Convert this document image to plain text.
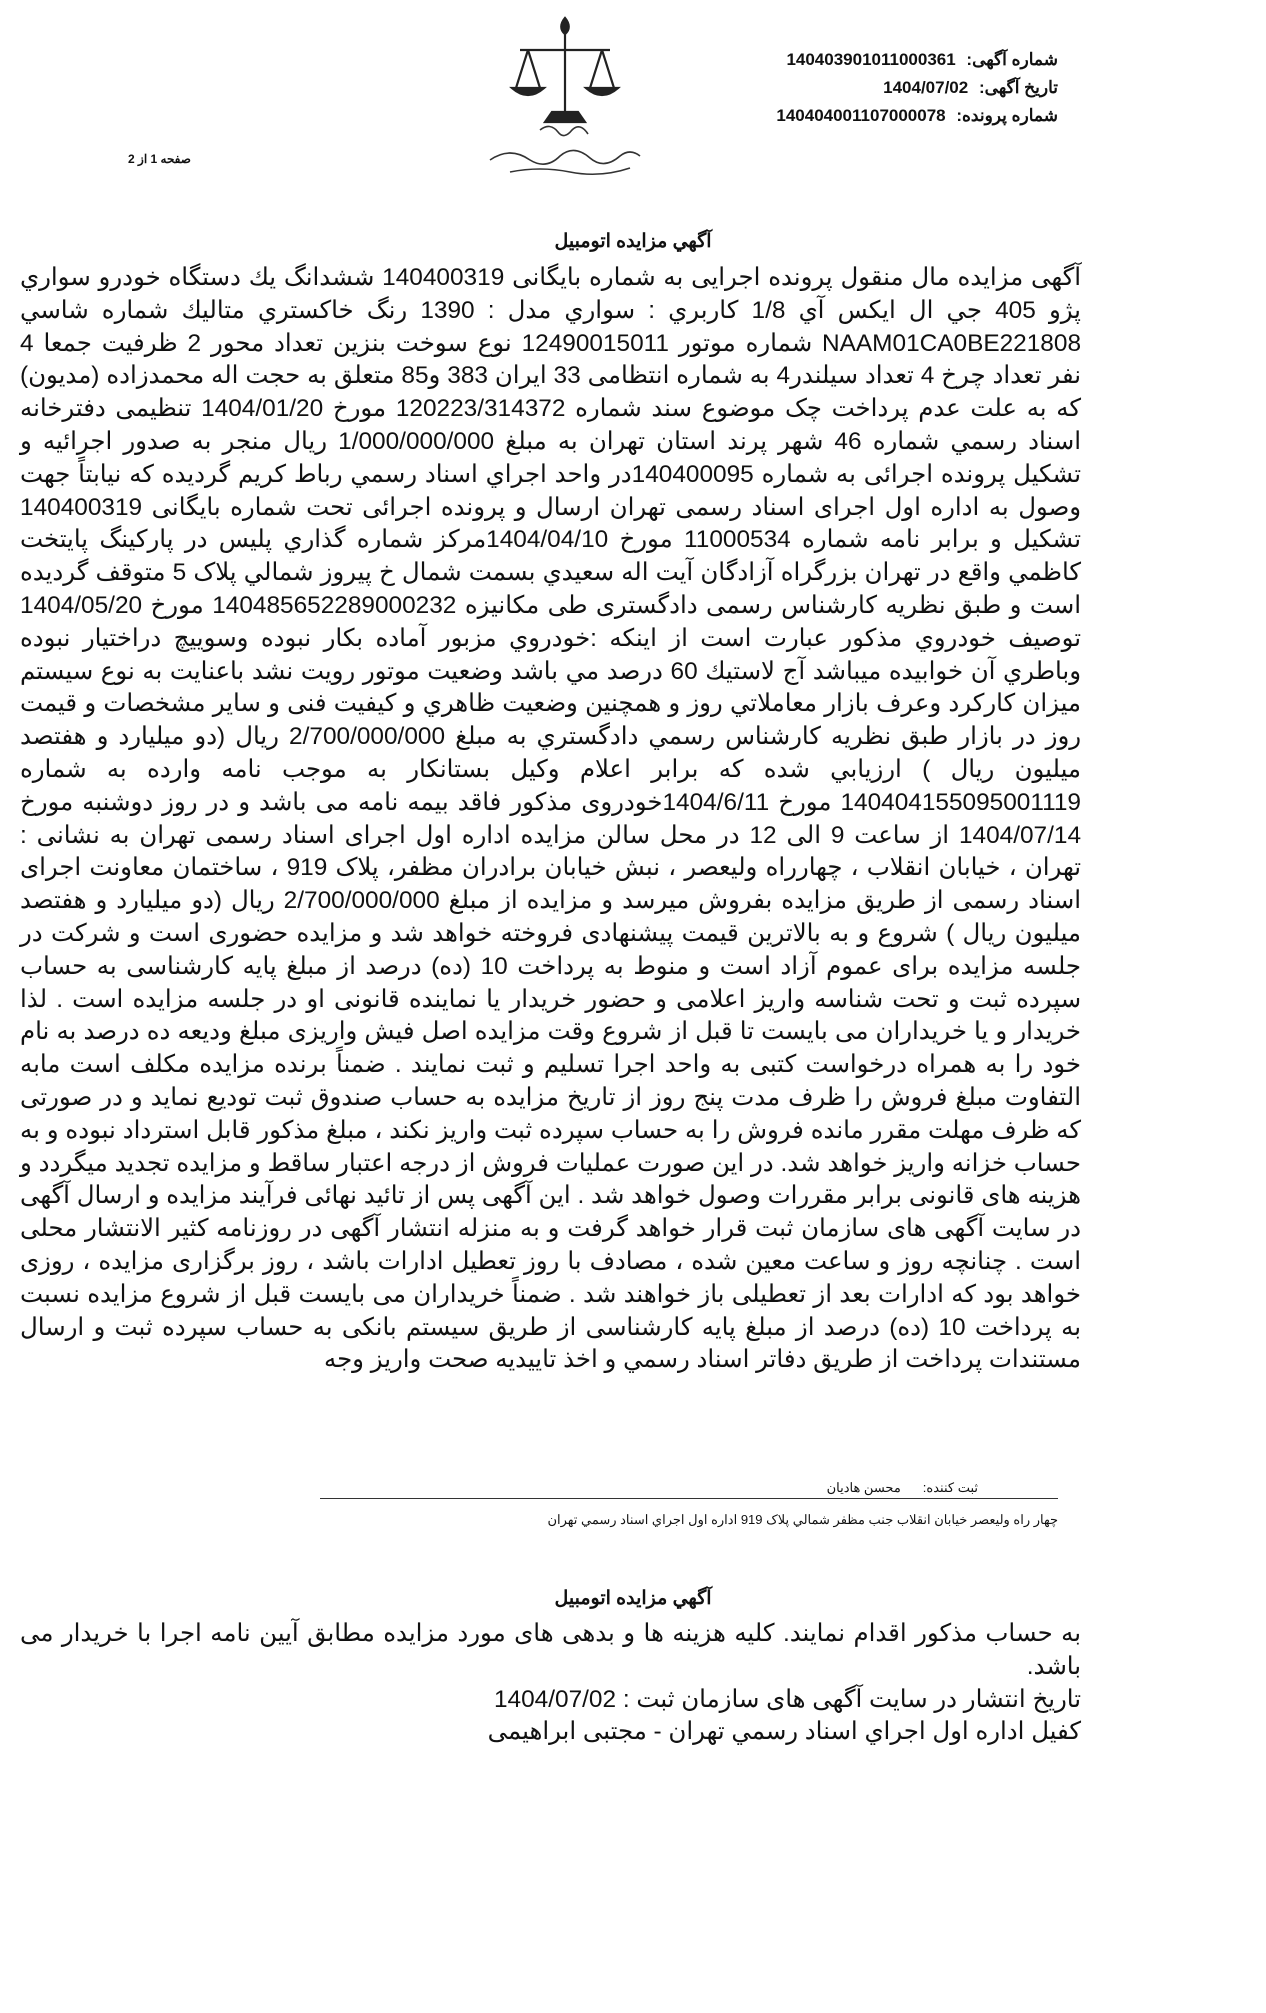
شماره آگهی: 14040390101100036​1
تاریخ آگهی: 1404/07/02
شماره پرونده: 140404001107000078
صفحه 1 از 2
آگهي مزايده اتومبيل

آگهی مزایده مال منقول پرونده اجرایی به شماره بایگانی 140400319 ششدانگ یك دستگاه خودرو سواري پژو 405 جي ال ايكس آي 1/8 كاربري : سواري مدل : 1390 رنگ خاكستري متاليك شماره شاسي NAAM01CA0BE221808 شماره موتور 12490015011 نوع سوخت بنزین تعداد محور 2 ظرفیت جمعا 4 نفر تعداد چرخ 4 تعداد سیلندر4 به شماره انتظامی 33 ایران 383 و85 متعلق به حجت اله محمدزاده (مدیون) که به علت عدم پرداخت چک موضوع سند شماره 120223/314372 مورخ 1404/01/20 تنظیمی دفترخانه اسناد رسمي شماره 46 شهر پرند استان تهران به مبلغ 1/000/000/000 ریال منجر به صدور اجرائیه و تشکیل پرونده اجرائی به شماره 140400095در واحد اجراي اسناد رسمي رباط كريم گرديده كه نيابتاً جهت وصول به اداره اول اجرای اسناد رسمی تهران ارسال و پرونده اجرائی تحت شماره بایگانی 140400319 تشکیل و برابر نامه شماره 11000534 مورخ 1404/04/10مرکز شماره گذاري پليس در پاركينگ پايتخت كاظمي واقع در تهران بزرگراه آزادگان آيت اله سعيدي بسمت شمال خ پيروز شمالي پلاک 5 متوقف گرديده است و طبق نظريه کارشناس رسمی دادگستری طی مکانیزه 140485652289000232 مورخ 1404/05/20 توصيف خودروي مذكور عبارت است از اينكه :خودروي مزبور آماده بكار نبوده وسوييچ دراختيار نبوده وباطري آن خوابيده ميباشد آج لاستيك 60 درصد مي باشد وضعيت موتور رويت نشد باعنايت به نوع سيستم ميزان كاركرد وعرف بازار معاملاتي روز و همچنين وضعيت ظاهري و كيفيت فنى و ساير مشخصات و قيمت روز در بازار طبق نظريه كارشناس رسمي دادگستري به مبلغ 2/700/000/000 ريال (دو ميليارد و هفتصد ميليون ريال ) ارزيابي شده كه برابر اعلام وكيل بستانكار به موجب نامه وارده به شماره 140404155095001119 مورخ 1404/6/11خودروی مذکور فاقد بیمه نامه می باشد و در روز دوشنبه مورخ 1404/07/14 از ساعت 9 الی 12 در محل سالن مزایده اداره اول اجرای اسناد رسمی تهران به نشانی : تهران ، خیابان انقلاب ، چهارراه ولیعصر ، نبش خیابان برادران مظفر، پلاک 919 ، ساختمان معاونت اجرای اسناد رسمی از طریق مزایده بفروش میرسد و مزایده از مبلغ 2/700/000/000 ريال (دو ميليارد و هفتصد ميليون ريال ) شروع و به بالاترین قیمت پیشنهادی فروخته خواهد شد و مزایده حضوری است و شرکت در جلسه مزایده برای عموم آزاد است و منوط به پرداخت 10 (ده) درصد از مبلغ پایه کارشناسی به حساب سپرده ثبت و تحت شناسه واریز اعلامی و حضور خریدار یا نماینده قانونی او در جلسه مزایده است . لذا خریدار و یا خریداران می بایست تا قبل از شروع وقت مزایده اصل فیش واریزی مبلغ ودیعه ده درصد به نام خود را به همراه درخواست کتبی به واحد اجرا تسلیم و ثبت نمایند . ضمناً برنده مزایده مکلف است مابه التفاوت مبلغ فروش را ظرف مدت پنج روز از تاریخ مزایده به حساب صندوق ثبت تودیع نماید و در صورتی که ظرف مهلت مقرر مانده فروش را به حساب سپرده ثبت واریز نکند ، مبلغ مذکور قابل استرداد نبوده و به حساب خزانه واریز خواهد شد. در این صورت عملیات فروش از درجه اعتبار ساقط و مزایده تجدید میگردد و هزینه های قانونی برابر مقررات وصول خواهد شد . این آگهی پس از تائید نهائی فرآیند مزایده و ارسال آگهی در سایت آگهی های سازمان ثبت قرار خواهد گرفت و به منزله انتشار آگهی در روزنامه کثیر الانتشار محلی است . چنانچه روز و ساعت معین شده ، مصادف با روز تعطیل ادارات باشد ، روز برگزاری مزایده ، روزی خواهد بود که ادارات بعد از تعطیلی باز خواهند شد . ضمناً خریداران می بایست قبل از شروع مزایده نسبت به پرداخت 10 (ده) درصد از مبلغ پایه کارشناسی از طریق سیستم بانکی به حساب سپرده ثبت و ارسال مستندات پرداخت از طریق دفاتر اسناد رسمي و اخذ تاييديه صحت واريز وجه

ثبت کننده:محسن هادیان
چهار راه وليعصر خيابان انقلاب جنب مظفر شمالي پلاک 919 اداره اول اجراي اسناد رسمي تهران
آگهي مزايده اتومبيل

به حساب مذکور اقدام نمایند. کلیه هزینه ها و بدهی های مورد مزایده مطابق آیین نامه اجرا با خریدار می باشد.

تاریخ انتشار در سایت آگهی های سازمان ثبت : 1404/07/02

کفیل اداره اول اجراي اسناد رسمي تهران - مجتبی ابراهیمی
